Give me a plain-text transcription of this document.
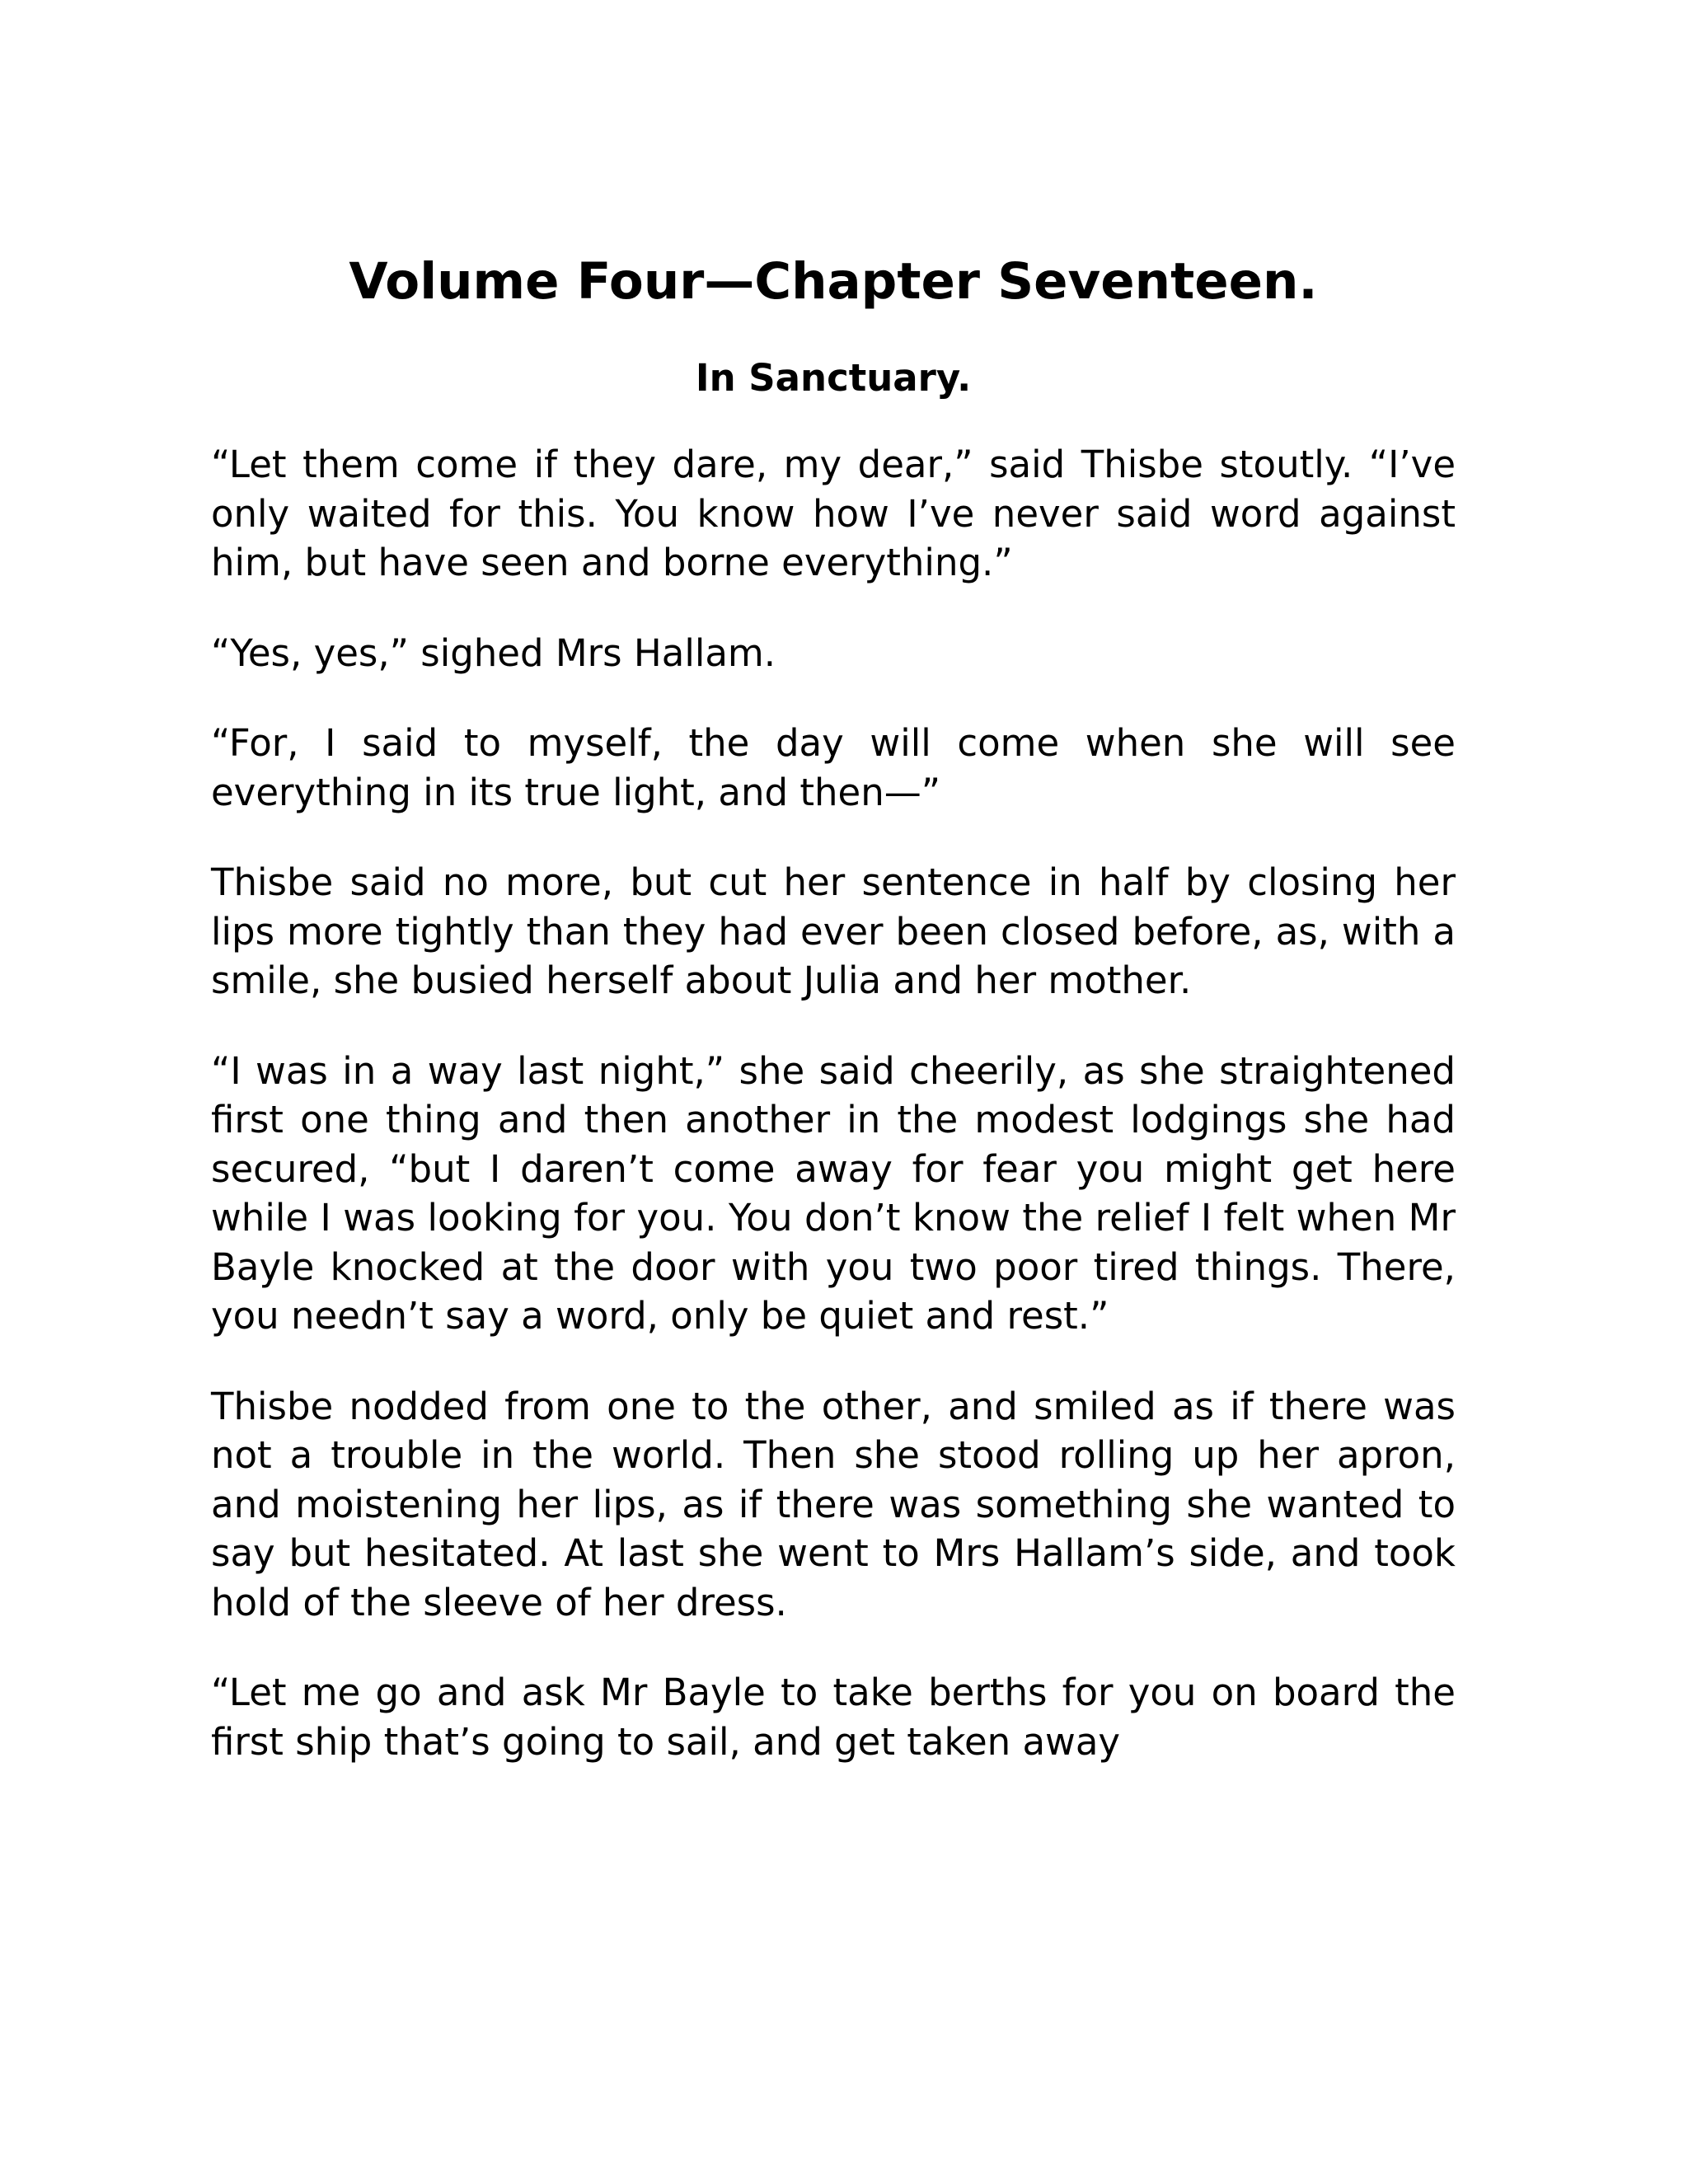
Volume Four—Chapter Seventeen.
In Sanctuary.

“Let them come if they dare, my dear,” said Thisbe stoutly. “I’ve only waited for this. You know how I’ve never said word against him, but have seen and borne everything.”

“Yes, yes,” sighed Mrs Hallam.

“For, I said to myself, the day will come when she will see everything in its true light, and then—”

Thisbe said no more, but cut her sentence in half by closing her lips more tightly than they had ever been closed before, as, with a smile, she busied herself about Julia and her mother.

“I was in a way last night,” she said cheerily, as she straightened first one thing and then another in the modest lodgings she had secured, “but I daren’t come away for fear you might get here while I was looking for you. You don’t know the relief I felt when Mr Bayle knocked at the door with you two poor tired things. There, you needn’t say a word, only be quiet and rest.”

Thisbe nodded from one to the other, and smiled as if there was not a trouble in the world. Then she stood rolling up her apron, and moistening her lips, as if there was something she wanted to say but hesitated. At last she went to Mrs Hallam’s side, and took hold of the sleeve of her dress.

“Let me go and ask Mr Bayle to take berths for you on board the first ship that’s going to sail, and get taken away
